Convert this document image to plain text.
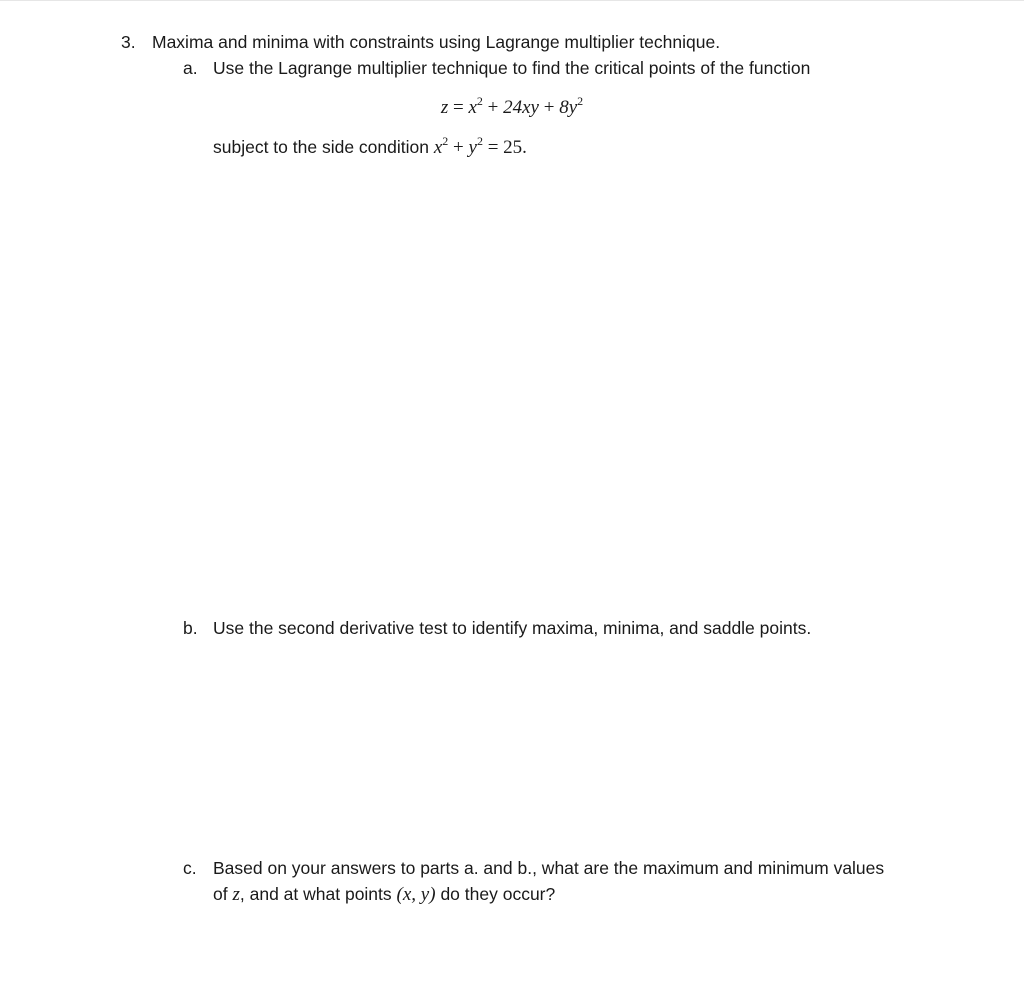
3. Maxima and minima with constraints using Lagrange multiplier technique.
a. Use the Lagrange multiplier technique to find the critical points of the function
$z = x^2 + 24xy + 8y^2$
subject to the side condition $x^2 + y^2 = 25$.
b. Use the second derivative test to identify maxima, minima, and saddle points.
c. Based on your answers to parts a. and b., what are the maximum and minimum values
of z, and at what points (x, y) do they occur?
